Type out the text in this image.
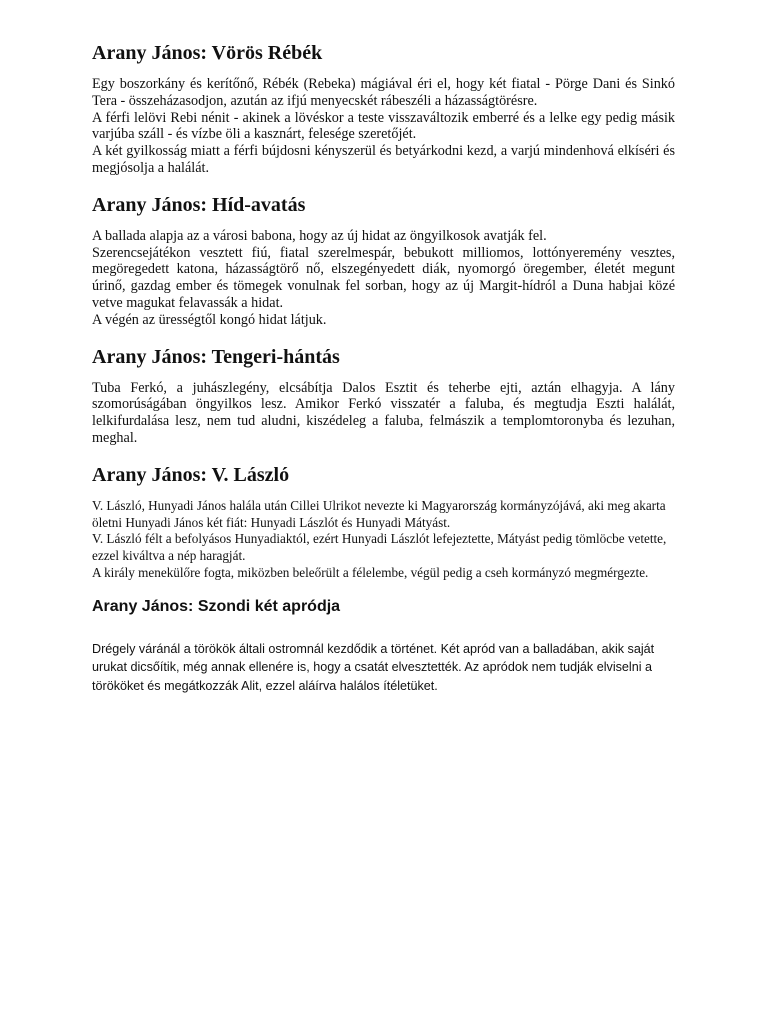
Arany János: Vörös Rébék

Egy boszorkány és kerítőnő, Rébék (Rebeka) mágiával éri el, hogy két fiatal - Pörge Dani és Sinkó Tera - összeházasodjon, azután az ifjú menyecskét rábeszéli a házasságtörésre.

A férfi lelövi Rebi nénit - akinek a lövéskor a teste visszaváltozik emberré és a lelke egy pedig másik varjúba száll - és vízbe öli a kasznárt, felesége szeretőjét.

A két gyilkosság miatt a férfi bújdosni kényszerül és betyárkodni kezd, a varjú mindenhová elkíséri és megjósolja a halálát.

Arany János: Híd-avatás

A ballada alapja az a városi babona, hogy az új hidat az öngyilkosok avatják fel.

Szerencsejátékon vesztett fiú, fiatal szerelmespár, bebukott milliomos, lottónyeremény vesztes, megöregedett katona, házasságtörő nő, elszegényedett diák, nyomorgó öregember, életét megunt úrinő, gazdag ember és tömegek vonulnak fel sorban, hogy az új Margit-hídról a Duna habjai közé vetve magukat felavassák a hidat.

A végén az ürességtől kongó hidat látjuk.

Arany János: Tengeri-hántás

Tuba Ferkó, a juhászlegény, elcsábítja Dalos Esztit és teherbe ejti, aztán elhagyja. A lány szomorúságában öngyilkos lesz. Amikor Ferkó visszatér a faluba, és megtudja Eszti halálát, lelkifurdalása lesz, nem tud aludni, kiszédeleg a faluba, felmászik a templomtoronyba és lezuhan, meghal.

Arany János: V. László

V. László, Hunyadi János halála után Cillei Ulrikot nevezte ki Magyarország kormányzójává, aki meg akarta öletni Hunyadi János két fiát: Hunyadi Lászlót és Hunyadi Mátyást.

V. László félt a befolyásos Hunyadiaktól, ezért Hunyadi Lászlót lefejeztette, Mátyást pedig tömlöcbe vetette, ezzel kiváltva a nép haragját.

A király menekülőre fogta, miközben beleőrült a félelembe, végül pedig a cseh kormányzó megmérgezte.

Arany János: Szondi két apródja

Drégely váránál a törökök általi ostromnál kezdődik a történet. Két apród van a balladában, akik saját urukat dicsőítik, még annak ellenére is, hogy a csatát elvesztették. Az apródok nem tudják elviselni a törököket és megátkozzák Alit, ezzel aláírva halálos ítéletüket.
